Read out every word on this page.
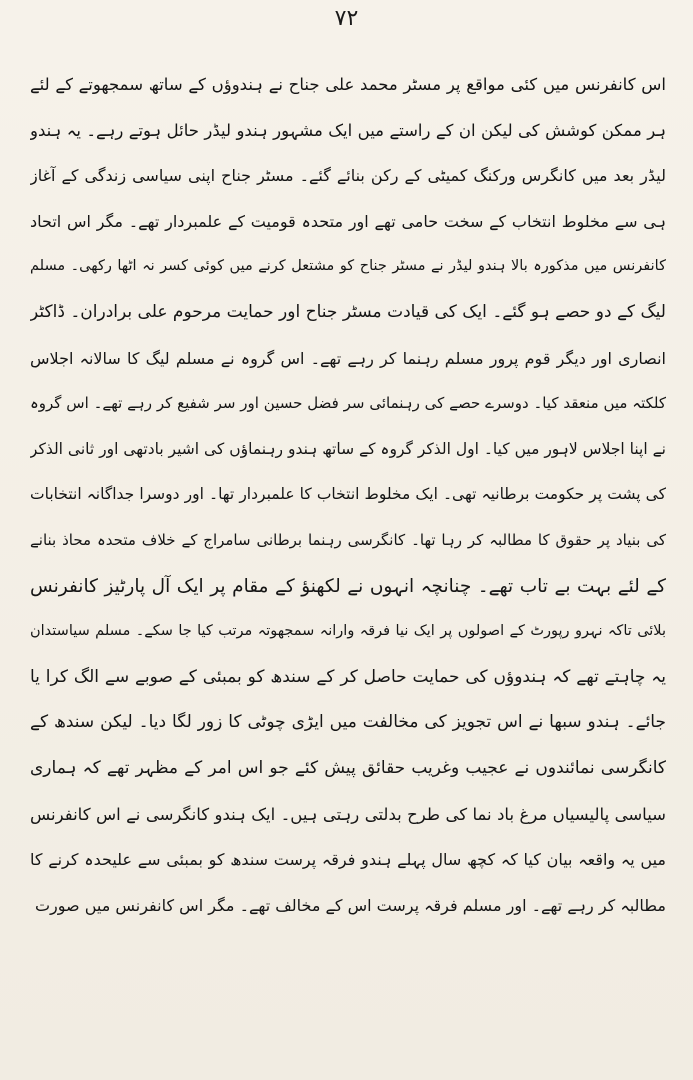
۷۲
اس کانفرنس میں کئی مواقع پر مسٹر محمد علی جناح نے ہندوؤں کے ساتھ سمجھوتے کے لئے
ہر ممکن کوشش کی لیکن ان کے راستے میں ایک مشہور ہندو لیڈر حائل ہوتے رہے۔ یہ ہندو
لیڈر بعد میں کانگرس ورکنگ کمیٹی کے رکن بنائے گئے۔ مسٹر جناح اپنی سیاسی زندگی کے آغاز
ہی سے مخلوط انتخاب کے سخت حامی تھے اور متحدہ قومیت کے علمبردار تھے۔ مگر اس اتحاد
کانفرنس میں مذکورہ بالا ہندو لیڈر نے مسٹر جناح کو مشتعل کرنے میں کوئی کسر نہ اٹھا رکھی۔ مسلم
لیگ کے دو حصے ہو گئے۔ ایک کی قیادت مسٹر جناح اور حمایت مرحوم علی برادران۔ ڈاکٹر
انصاری اور دیگر قوم پرور مسلم رہنما کر رہے تھے۔ اس گروہ نے مسلم لیگ کا سالانہ اجلاس
کلکتہ میں منعقد کیا۔ دوسرے حصے کی رہنمائی سر فضل حسین اور سر شفیع کر رہے تھے۔ اس گروہ
نے اپنا اجلاس لاہور میں کیا۔ اول الذکر گروہ کے ساتھ ہندو رہنماؤں کی اشیر بادتھی اور ثانی الذکر
کی پشت پر حکومت برطانیہ تھی۔ ایک مخلوط انتخاب کا علمبردار تھا۔ اور دوسرا جداگانہ انتخابات
کی بنیاد پر حقوق کا مطالبہ کر رہا تھا۔ کانگرسی رہنما برطانی سامراج کے خلاف متحدہ محاذ بنانے
کے لئے بہت بے تاب تھے۔ چنانچہ انہوں نے لکھنؤ کے مقام پر ایک آل پارٹیز کانفرنس
بلائی تاکہ نہرو رپورٹ کے اصولوں پر ایک نیا فرقہ وارانہ سمجھوتہ مرتب کیا جا سکے۔ مسلم سیاستدان
یہ چاہتے تھے کہ ہندوؤں کی حمایت حاصل کر کے سندھ کو بمبئی کے صوبے سے الگ کرا یا
جائے۔ ہندو سبھا نے اس تجویز کی مخالفت میں ایڑی چوٹی کا زور لگا دیا۔ لیکن سندھ کے
کانگرسی نمائندوں نے عجیب وغریب حقائق پیش کئے جو اس امر کے مظہر تھے کہ ہماری
سیاسی پالیسیاں مرغ باد نما کی طرح بدلتی رہتی ہیں۔ ایک ہندو کانگرسی نے اس کانفرنس
میں یہ واقعہ بیان کیا کہ کچھ سال پہلے ہندو فرقہ پرست سندھ کو بمبئی سے علیحدہ کرنے کا
مطالبہ کر رہے تھے۔ اور مسلم فرقہ پرست اس کے مخالف تھے۔ مگر اس کانفرنس میں صورت
